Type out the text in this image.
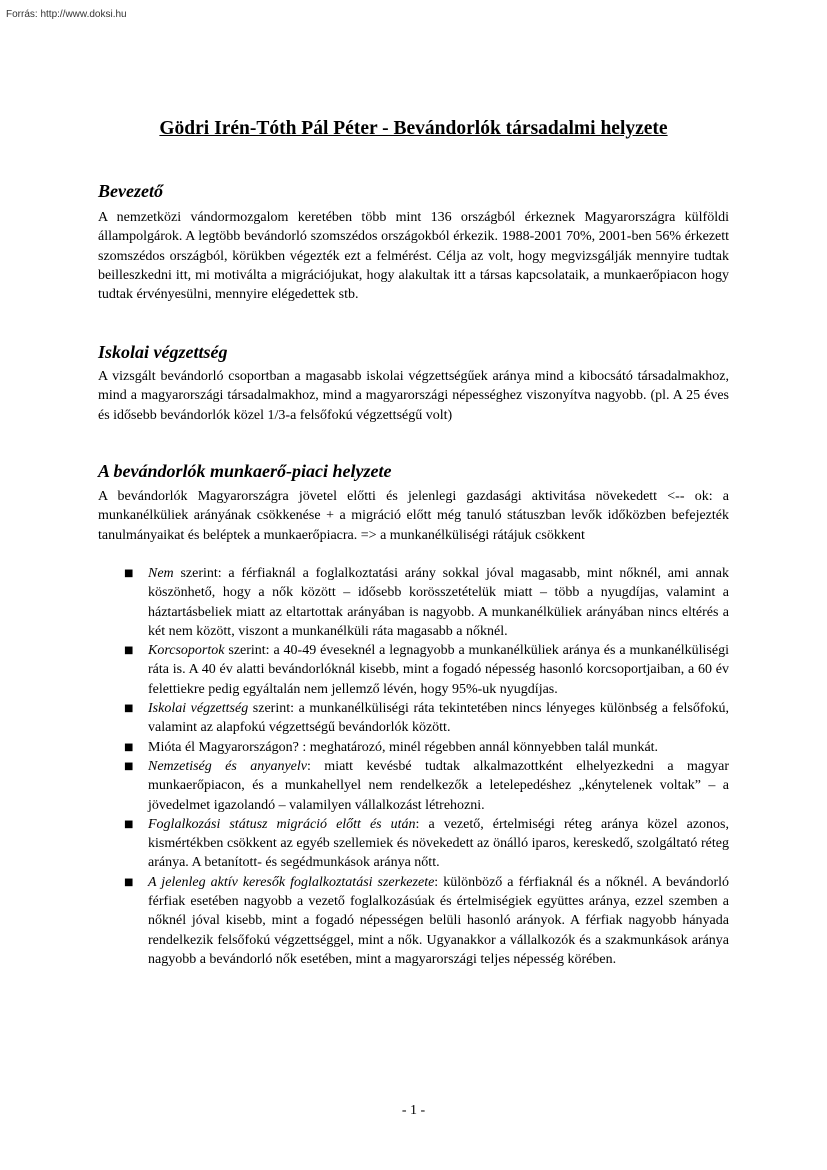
Forrás: http://www.doksi.hu
Gödri Irén-Tóth Pál Péter - Bevándorlók társadalmi helyzete
Bevezető

A nemzetközi vándormozgalom keretében több mint 136 országból érkeznek Magyarországra külföldi állampolgárok. A legtöbb bevándorló szomszédos országokból érkezik. 1988-2001 70%, 2001-ben 56% érkezett szomszédos országból, körükben végezték ezt a felmérést. Célja az volt, hogy megvizsgálják mennyire tudtak beilleszkedni itt, mi motiválta a migrációjukat, hogy alakultak itt a társas kapcsolataik, a munkaerőpiacon hogy tudtak érvényesülni, mennyire elégedettek stb.

Iskolai végzettség

A vizsgált bevándorló csoportban a magasabb iskolai végzettségűek aránya mind a kibocsátó társadalmakhoz, mind a magyarországi társadalmakhoz, mind a magyarországi népességhez viszonyítva nagyobb. (pl. A 25 éves és idősebb bevándorlók közel 1/3-a felsőfokú végzettségű volt)

A bevándorlók munkaerő-piaci helyzete

A bevándorlók Magyarországra jövetel előtti és jelenlegi gazdasági aktivitása növekedett <-- ok: a munkanélküliek arányának csökkenése + a migráció előtt még tanuló státuszban levők időközben befejezték tanulmányaikat és beléptek a munkaerőpiacra. => a munkanélküliségi rátájuk csökkent

■ Nem szerint: a férfiaknál a foglalkoztatási arány sokkal jóval magasabb, mint nőknél, ami annak köszönhető, hogy a nők között – idősebb korösszetételük miatt – több a nyugdíjas, valamint a háztartásbeliek miatt az eltartottak arányában is nagyobb. A munkanélküliek arányában nincs eltérés a két nem között, viszont a munkanélküli ráta magasabb a nőknél.
■ Korcsoportok szerint: a 40-49 éveseknél a legnagyobb a munkanélküliek aránya és a munkanélküliségi ráta is. A 40 év alatti bevándorlóknál kisebb, mint a fogadó népesség hasonló korcsoportjaiban, a 60 év felettiekre pedig egyáltalán nem jellemző lévén, hogy 95%-uk nyugdíjas.
■ Iskolai végzettség szerint: a munkanélküliségi ráta tekintetében nincs lényeges különbség a felsőfokú, valamint az alapfokú végzettségű bevándorlók között.
■ Mióta él Magyarországon? : meghatározó, minél régebben annál könnyebben talál munkát.
■ Nemzetiség és anyanyelv: miatt kevésbé tudtak alkalmazottként elhelyezkedni a magyar munkaerőpiacon, és a munkahellyel nem rendelkezők a letelepedéshez „kénytelenek voltak” – a jövedelmet igazolandó – valamilyen vállalkozást létrehozni.
■ Foglalkozási státusz migráció előtt és után: a vezető, értelmiségi réteg aránya közel azonos, kismértékben csökkent az egyéb szellemiek és növekedett az önálló iparos, kereskedő, szolgáltató réteg aránya. A betanított- és segédmunkások aránya nőtt.
■ A jelenleg aktív keresők foglalkoztatási szerkezete: különböző a férfiaknál és a nőknél. A bevándorló férfiak esetében nagyobb a vezető foglalkozásúak és értelmiségiek együttes aránya, ezzel szemben a nőknél jóval kisebb, mint a fogadó népességen belüli hasonló arányok. A férfiak nagyobb hányada rendelkezik felsőfokú végzettséggel, mint a nők. Ugyanakkor a vállalkozók és a szakmunkások aránya nagyobb a bevándorló nők esetében, mint a magyarországi teljes népesség körében.
- 1 -
